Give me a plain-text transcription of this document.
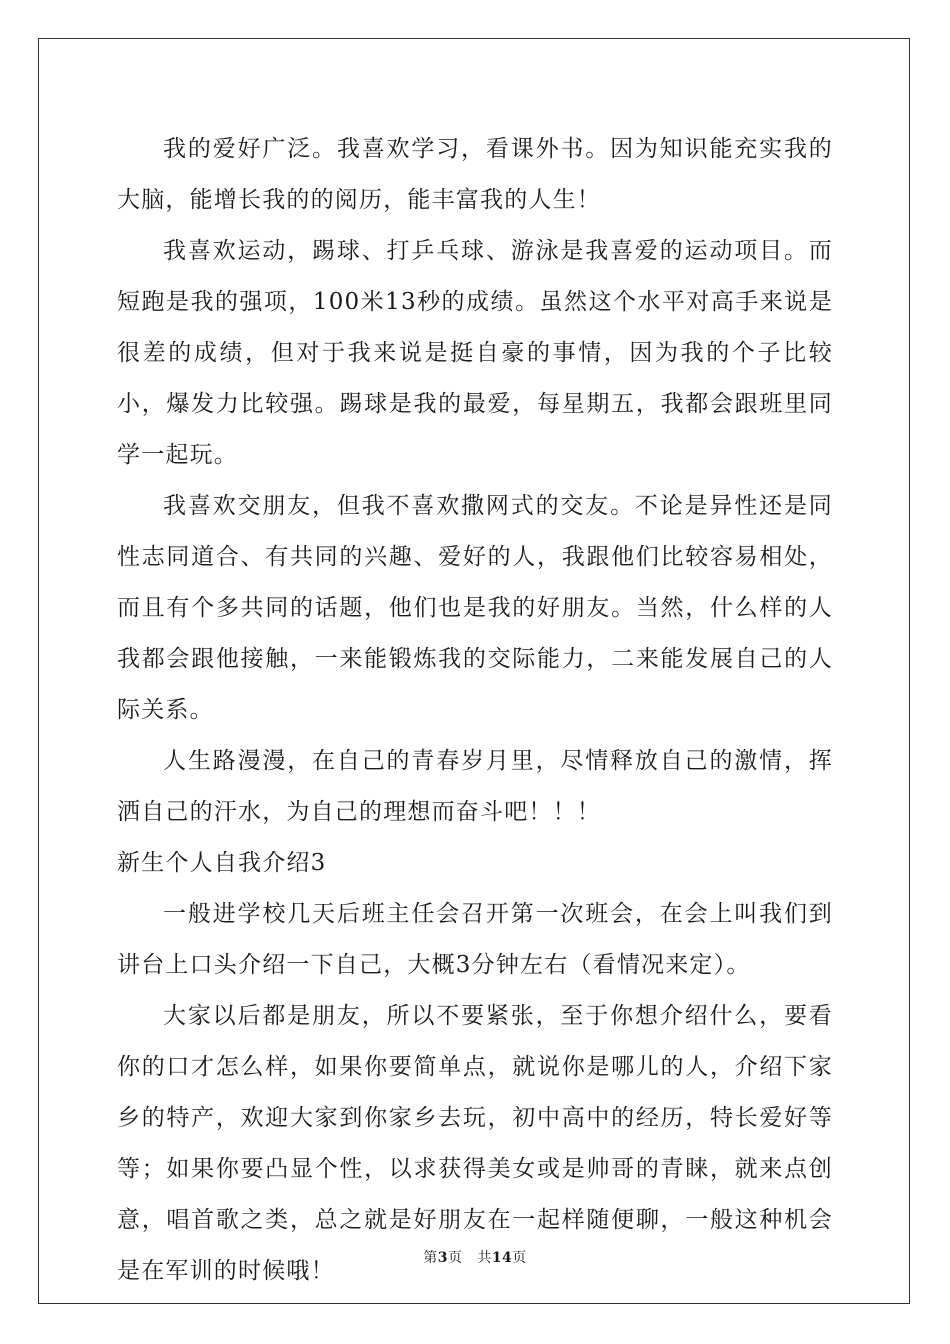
我的爱好广泛。我喜欢学习，看课外书。因为知识能充实我的大脑，能增长我的的阅历，能丰富我的人生！

我喜欢运动，踢球、打乒乓球、游泳是我喜爱的运动项目。而短跑是我的强项，100米13秒的成绩。虽然这个水平对高手来说是很差的成绩，但对于我来说是挺自豪的事情，因为我的个子比较小，爆发力比较强。踢球是我的最爱，每星期五，我都会跟班里同学一起玩。

我喜欢交朋友，但我不喜欢撒网式的交友。不论是异性还是同性志同道合、有共同的兴趣、爱好的人，我跟他们比较容易相处，而且有个多共同的话题，他们也是我的好朋友。当然，什么样的人我都会跟他接触，一来能锻炼我的交际能力，二来能发展自己的人际关系。

人生路漫漫，在自己的青春岁月里，尽情释放自己的激情，挥洒自己的汗水，为自己的理想而奋斗吧！！！

新生个人自我介绍3

一般进学校几天后班主任会召开第一次班会，在会上叫我们到讲台上口头介绍一下自己，大概3分钟左右（看情况来定）。

大家以后都是朋友，所以不要紧张，至于你想介绍什么，要看你的口才怎么样，如果你要简单点，就说你是哪儿的人，介绍下家乡的特产，欢迎大家到你家乡去玩，初中高中的经历，特长爱好等等；如果你要凸显个性，以求获得美女或是帅哥的青睐，就来点创意，唱首歌之类，总之就是好朋友在一起样随便聊，一般这种机会是在军训的时候哦！	第3页 共14页
